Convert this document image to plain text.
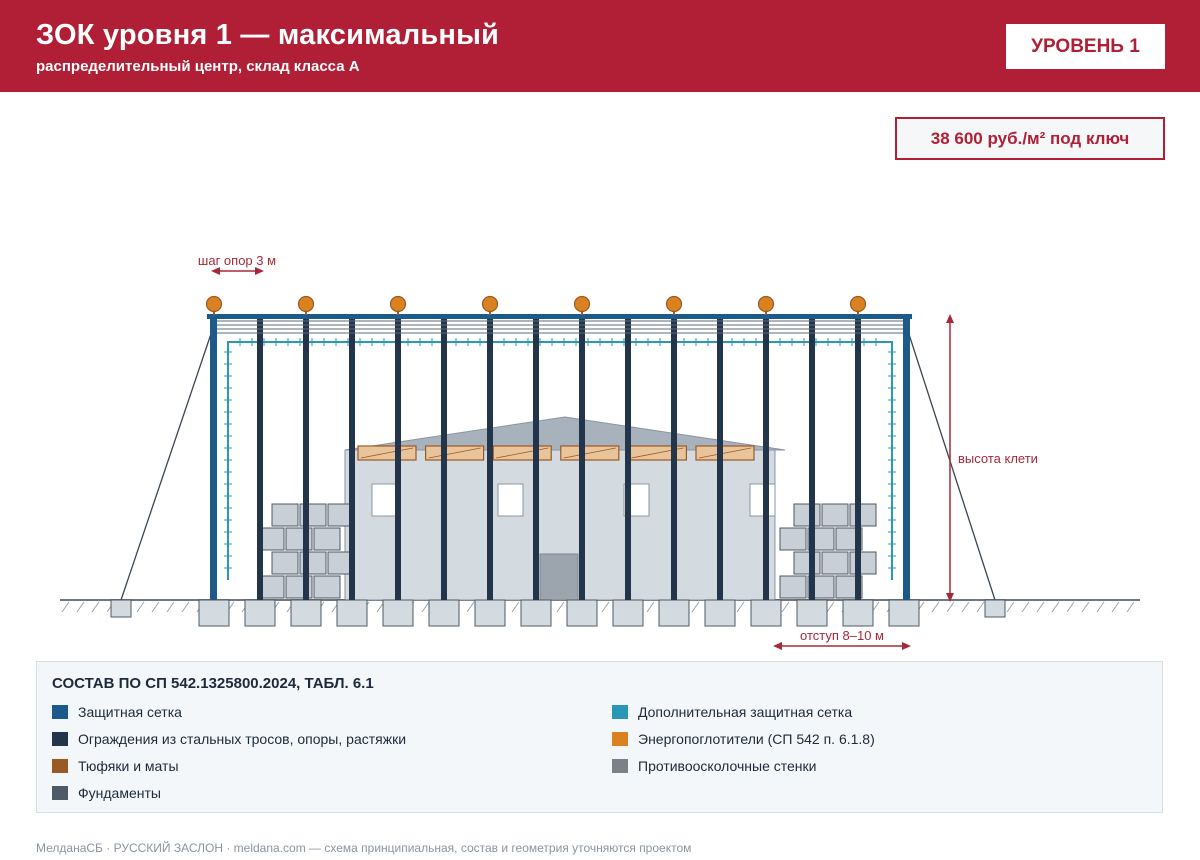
ЗОК уровня 1 — максимальный
распределительный центр, склад класса А
УРОВЕНЬ 1
38 600 руб./м² под ключ
шаг опор 3 м
высота клети
отступ 8–10 м
СОСТАВ ПО СП 542.1325800.2024, ТАБЛ. 6.1
Защитная сетка
Ограждения из стальных тросов, опоры, растяжки
Тюфяки и маты
Фундаменты
Дополнительная защитная сетка
Энергопоглотители (СП 542 п. 6.1.8)
Противоосколочные стенки
МелданаСБ · РУССКИЙ ЗАСЛОН · meldana.com — схема принципиальная, состав и геометрия уточняются проектом
